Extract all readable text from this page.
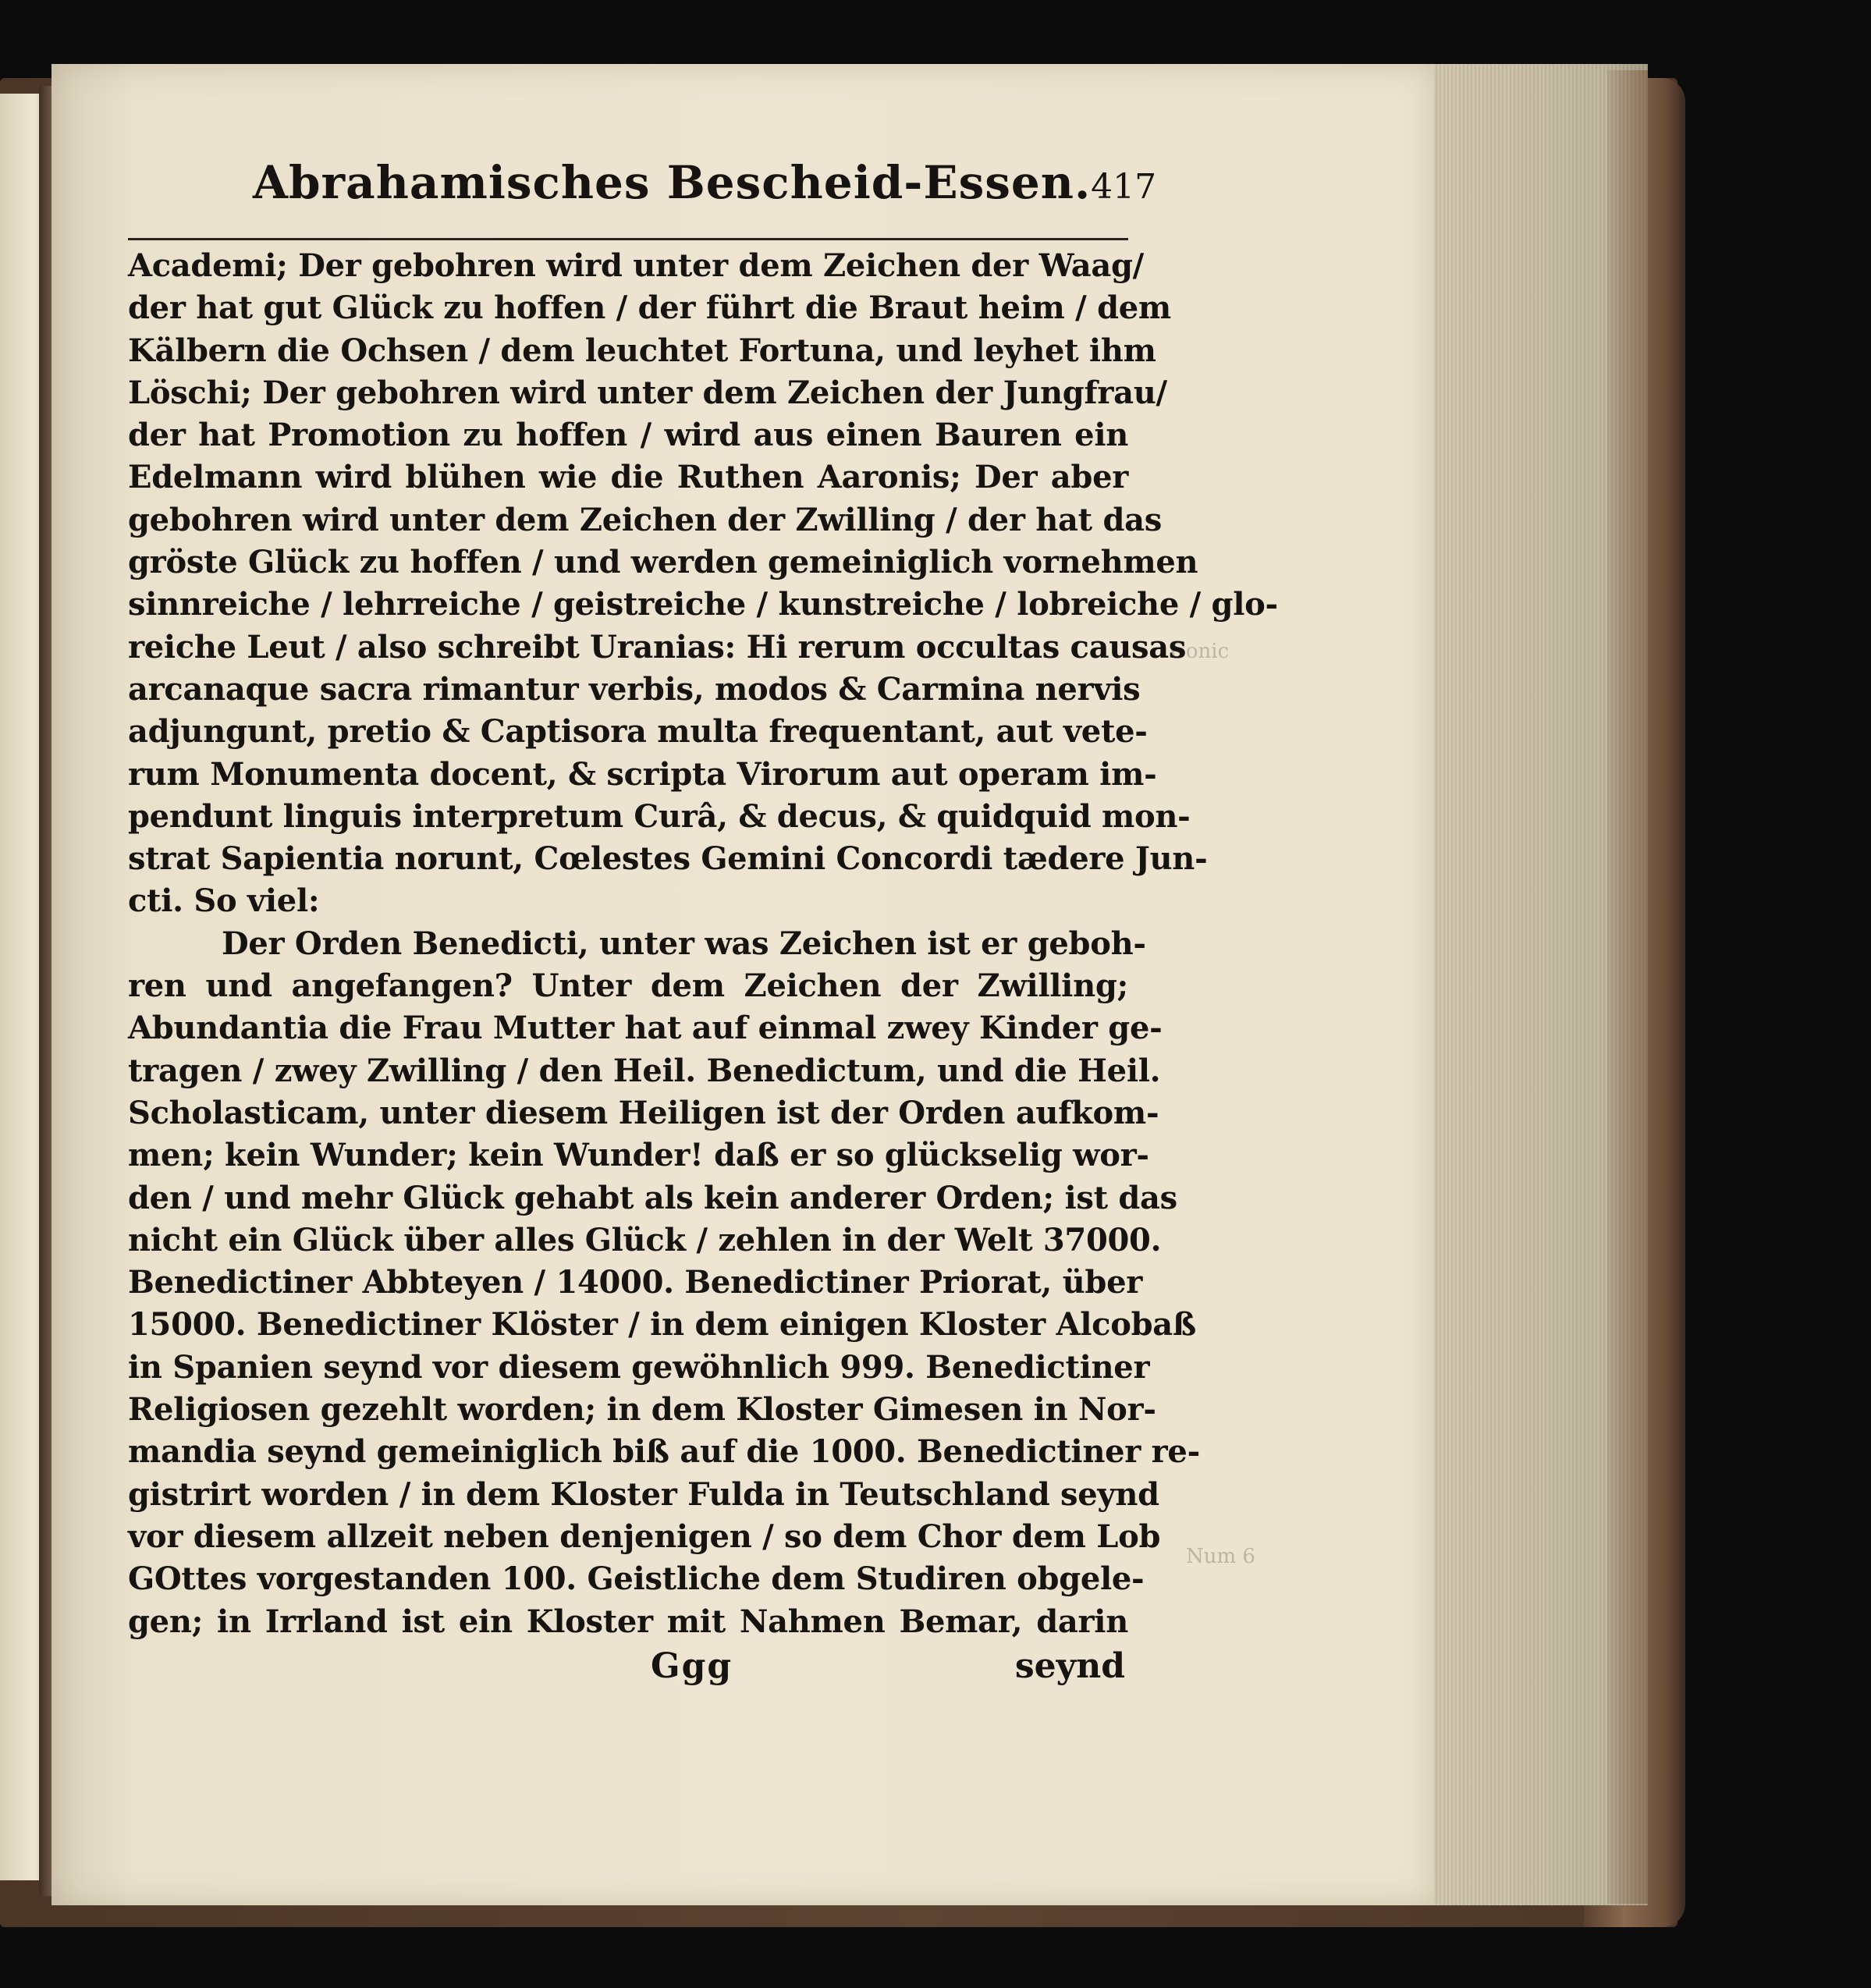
Conic
Num 6
Abrahamisches Bescheid-Essen. 417
Academi; Der gebohren wird unter dem Zeichen der Waag/
der hat gut Glück zu hoffen / der führt die Braut heim / dem
Kälbern die Ochsen / dem leuchtet Fortuna, und leyhet ihm
Löschi; Der gebohren wird unter dem Zeichen der Jungfrau/
der hat Promotion zu hoffen / wird aus einen Bauren ein
Edelmann wird blühen wie die Ruthen Aaronis; Der aber
gebohren wird unter dem Zeichen der Zwilling / der hat das
gröste Glück zu hoffen / und werden gemeiniglich vornehmen
sinnreiche / lehrreiche / geistreiche / kunstreiche / lobreiche / glo-
reiche Leut / also schreibt Uranias: Hi rerum occultas causas
arcanaque sacra rimantur verbis, modos & Carmina nervis
adjungunt, pretio & Captisora multa frequentant, aut vete-
rum Monumenta docent, & scripta Virorum aut operam im-
pendunt linguis interpretum Curâ, & decus, & quidquid mon-
strat Sapientia norunt, Cœlestes Gemini Concordi tædere Jun-
cti. So viel:
Der Orden Benedicti, unter was Zeichen ist er geboh-
ren und angefangen? Unter dem Zeichen der Zwilling;
Abundantia die Frau Mutter hat auf einmal zwey Kinder ge-
tragen / zwey Zwilling / den Heil. Benedictum, und die Heil.
Scholasticam, unter diesem Heiligen ist der Orden aufkom-
men; kein Wunder; kein Wunder! daß er so glückselig wor-
den / und mehr Glück gehabt als kein anderer Orden; ist das
nicht ein Glück über alles Glück / zehlen in der Welt 37000.
Benedictiner Abbteyen / 14000. Benedictiner Priorat, über
15000. Benedictiner Klöster / in dem einigen Kloster Alcobaß
in Spanien seynd vor diesem gewöhnlich 999. Benedictiner
Religiosen gezehlt worden; in dem Kloster Gimesen in Nor-
mandia seynd gemeiniglich biß auf die 1000. Benedictiner re-
gistrirt worden / in dem Kloster Fulda in Teutschland seynd
vor diesem allzeit neben denjenigen / so dem Chor dem Lob
GOttes vorgestanden 100. Geistliche dem Studiren obgele-
gen; in Irrland ist ein Kloster mit Nahmen Bemar, darin
Ggg	seynd
